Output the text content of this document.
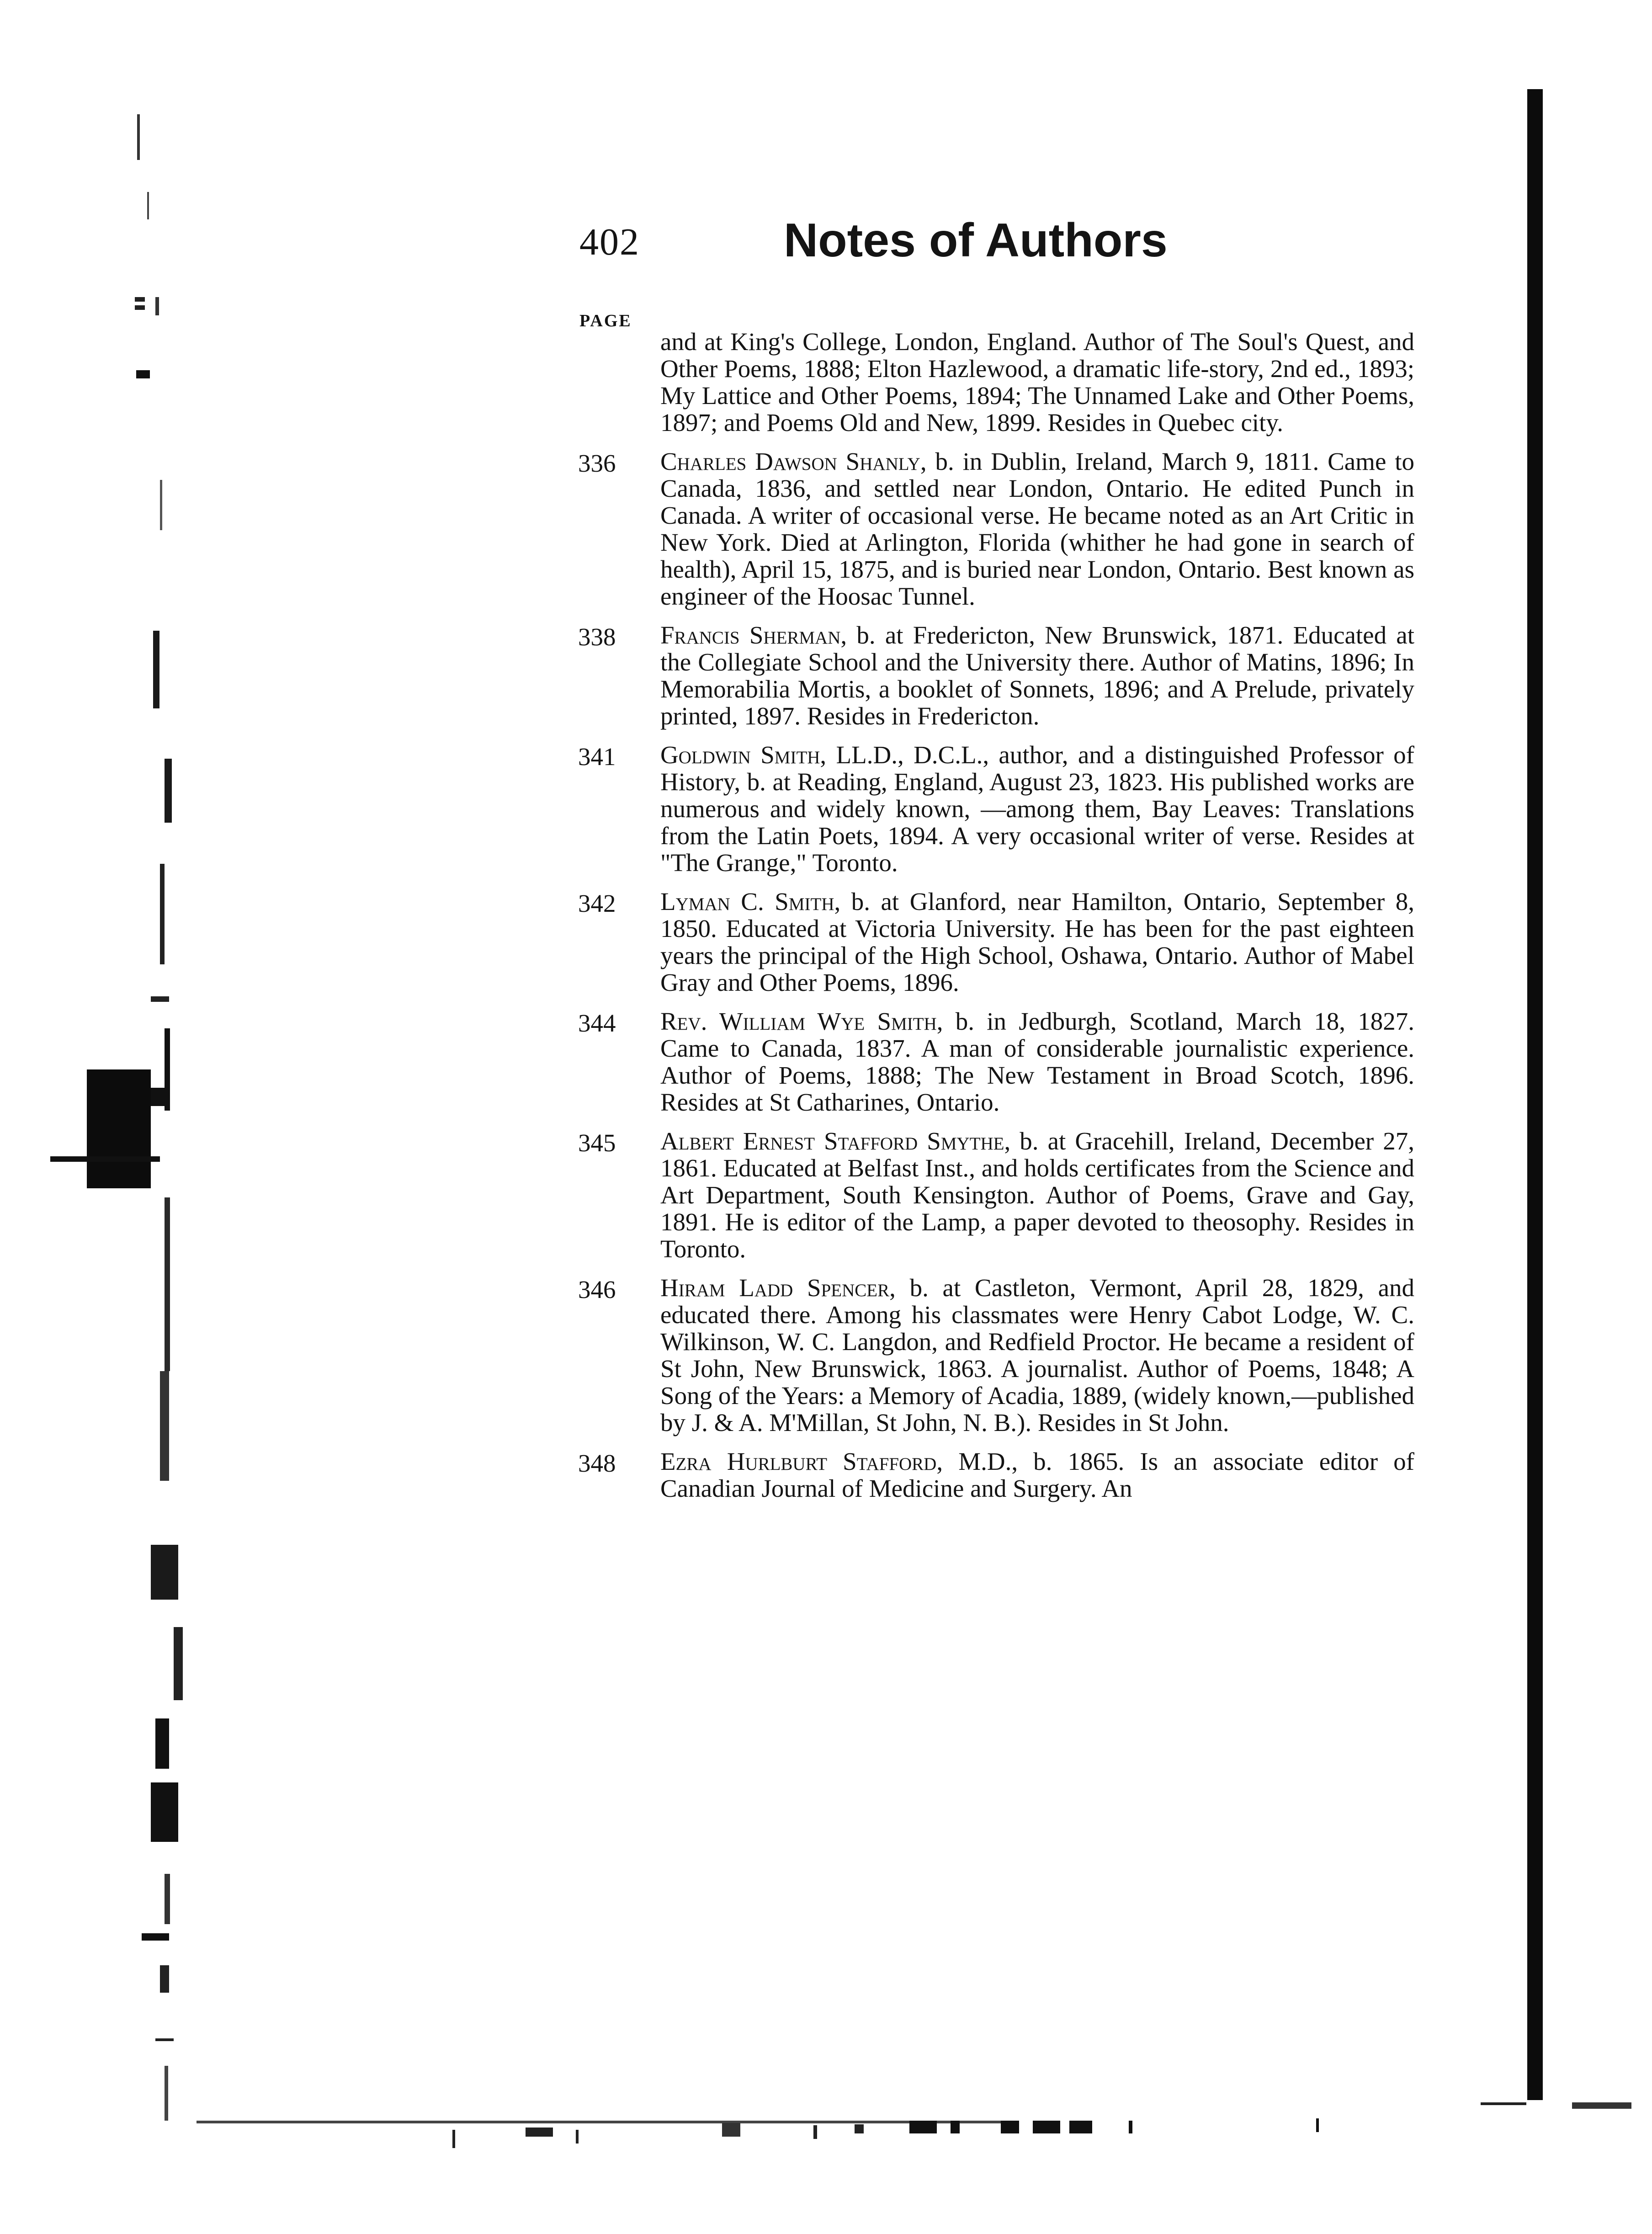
402	Notes of Authors
PAGE
and at King's College, London, England. Author of The Soul's Quest, and Other Poems, 1888; Elton Hazlewood, a dramatic life-story, 2nd ed., 1893; My Lattice and Other Poems, 1894; The Unnamed Lake and Other Poems, 1897; and Poems Old and New, 1899. Resides in Quebec city.
336 Charles Dawson Shanly, b. in Dublin, Ireland, March 9, 1811. Came to Canada, 1836, and settled near London, Ontario. He edited Punch in Canada. A writer of occasional verse. He became noted as an Art Critic in New York. Died at Arlington, Florida (whither he had gone in search of health), April 15, 1875, and is buried near London, Ontario. Best known as engineer of the Hoosac Tunnel.
338 Francis Sherman, b. at Fredericton, New Brunswick, 1871. Educated at the Collegiate School and the University there. Author of Matins, 1896; In Memorabilia Mortis, a booklet of Sonnets, 1896; and A Prelude, privately printed, 1897. Resides in Fredericton.
341 Goldwin Smith, LL.D., D.C.L., author, and a distinguished Professor of History, b. at Reading, England, August 23, 1823. His published works are numerous and widely known, —among them, Bay Leaves: Translations from the Latin Poets, 1894. A very occasional writer of verse. Resides at "The Grange," Toronto.
342 Lyman C. Smith, b. at Glanford, near Hamilton, Ontario, September 8, 1850. Educated at Victoria University. He has been for the past eighteen years the principal of the High School, Oshawa, Ontario. Author of Mabel Gray and Other Poems, 1896.
344 Rev. William Wye Smith, b. in Jedburgh, Scotland, March 18, 1827. Came to Canada, 1837. A man of considerable journalistic experience. Author of Poems, 1888; The New Testament in Broad Scotch, 1896. Resides at St Catharines, Ontario.
345 Albert Ernest Stafford Smythe, b. at Gracehill, Ireland, December 27, 1861. Educated at Belfast Inst., and holds certificates from the Science and Art Department, South Kensington. Author of Poems, Grave and Gay, 1891. He is editor of the Lamp, a paper devoted to theosophy. Resides in Toronto.
346 Hiram Ladd Spencer, b. at Castleton, Vermont, April 28, 1829, and educated there. Among his classmates were Henry Cabot Lodge, W. C. Wilkinson, W. C. Langdon, and Redfield Proctor. He became a resident of St John, New Brunswick, 1863. A journalist. Author of Poems, 1848; A Song of the Years: a Memory of Acadia, 1889, (widely known,—published by J. & A. M'Millan, St John, N. B.). Resides in St John.
348 Ezra Hurlburt Stafford, M.D., b. 1865. Is an associate editor of Canadian Journal of Medicine and Surgery. An
